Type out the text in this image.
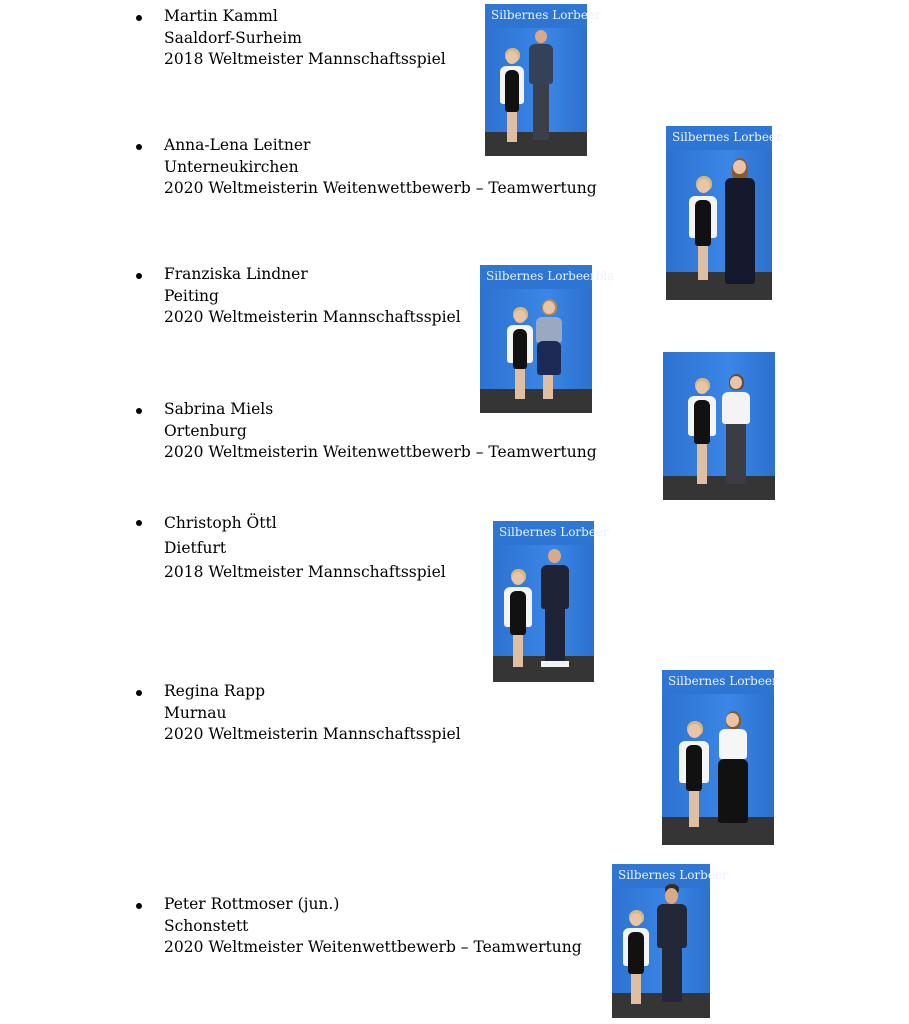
Martin Kamml
Saaldorf-Surheim
2018 Weltmeister Mannschaftsspiel
Silbernes Lorbeer
Anna-Lena Leitner
Unterneukirchen
2020 Weltmeisterin Weitenwettbewerb – Teamwertung
Silbernes Lorbeer
Franziska Lindner
Peiting
2020 Weltmeisterin Mannschaftsspiel
Silbernes Lorbeerbla
Sabrina Miels
Ortenburg
2020 Weltmeisterin Weitenwettbewerb – Teamwertung
Christoph Öttl
Dietfurt
2018 Weltmeister Mannschaftsspiel
Silbernes Lorbeer
Regina Rapp
Murnau
2020 Weltmeisterin Mannschaftsspiel
Silbernes Lorbeer
Peter Rottmoser (jun.)
Schonstett
2020 Weltmeister Weitenwettbewerb – Teamwertung
Silbernes Lorbeer
